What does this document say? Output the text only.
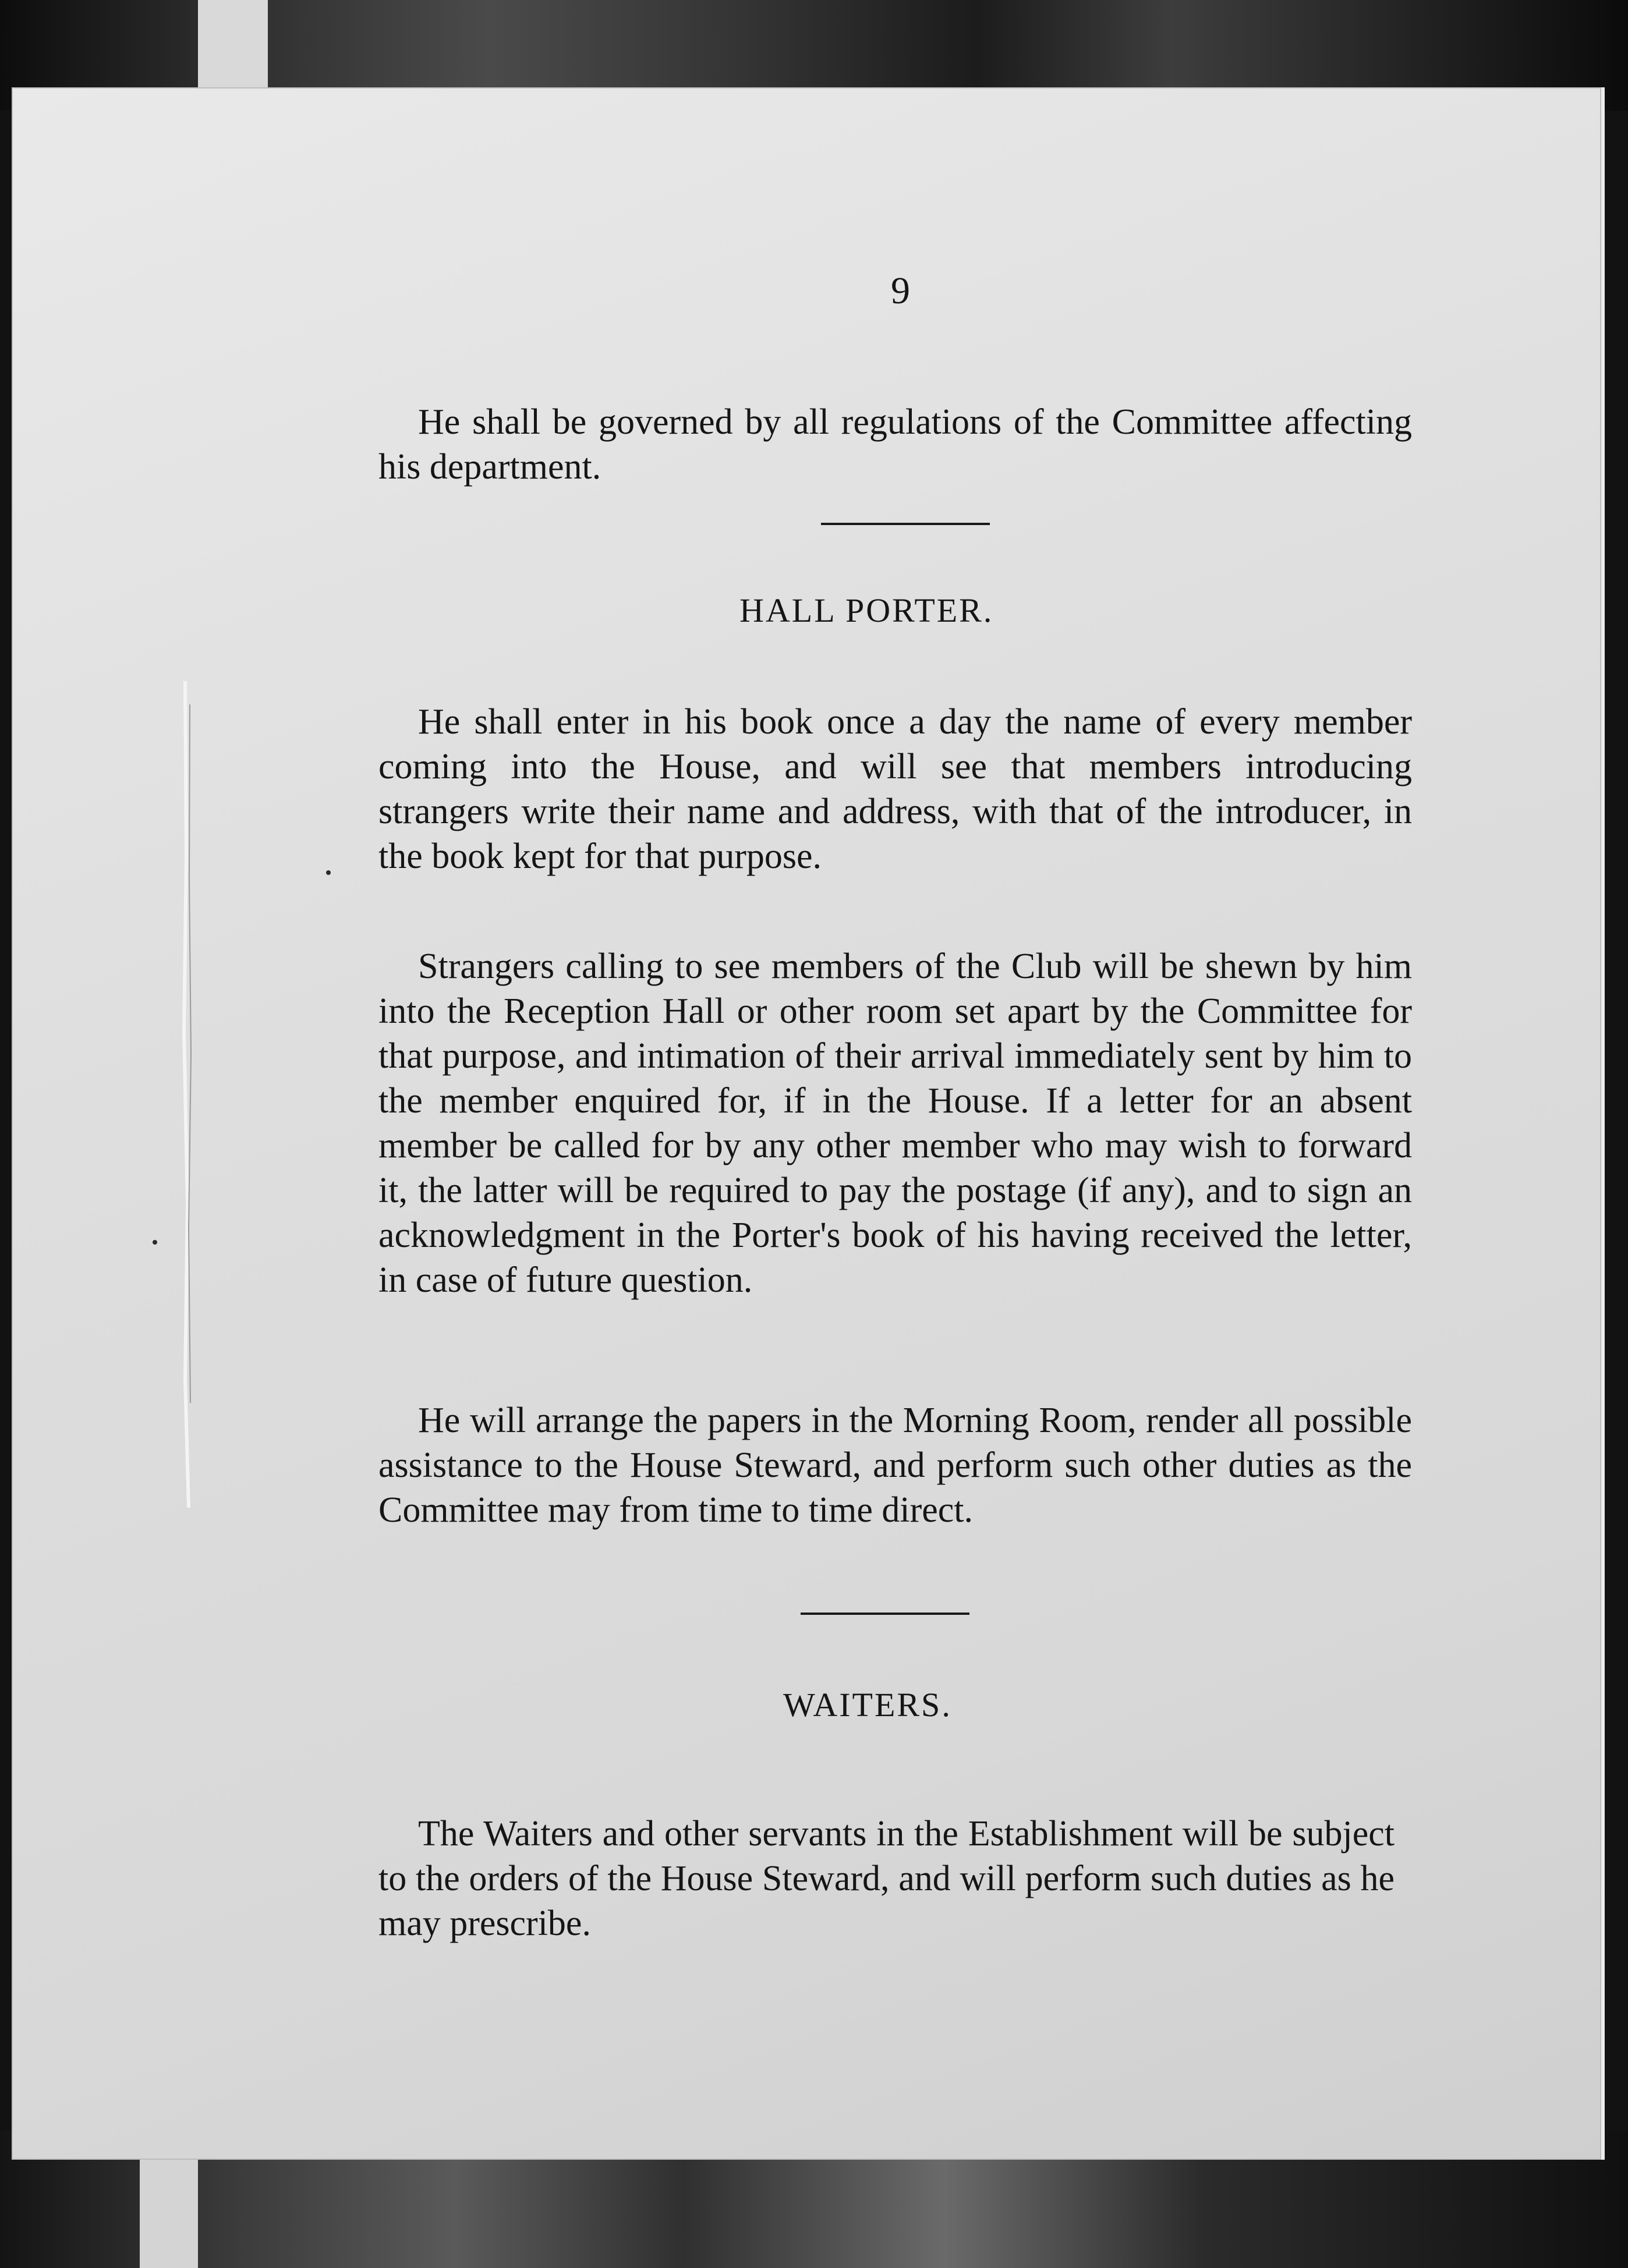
9

He shall be governed by all regulations of the Committee affecting his department.

HALL PORTER.

He shall enter in his book once a day the name of every member coming into the House, and will see that members introducing strangers write their name and address, with that of the introducer, in the book kept for that purpose.

Strangers calling to see members of the Club will be shewn by him into the Reception Hall or other room set apart by the Committee for that purpose, and intimation of their arrival immediately sent by him to the member enquired for, if in the House. If a letter for an absent member be called for by any other member who may wish to forward it, the latter will be required to pay the postage (if any), and to sign an acknowledgment in the Porter's book of his having received the letter, in case of future question.

He will arrange the papers in the Morning Room, render all possible assistance to the House Steward, and perform such other duties as the Committee may from time to time direct.

WAITERS.

The Waiters and other servants in the Establishment will be subject to the orders of the House Steward, and will perform such duties as he may prescribe.
